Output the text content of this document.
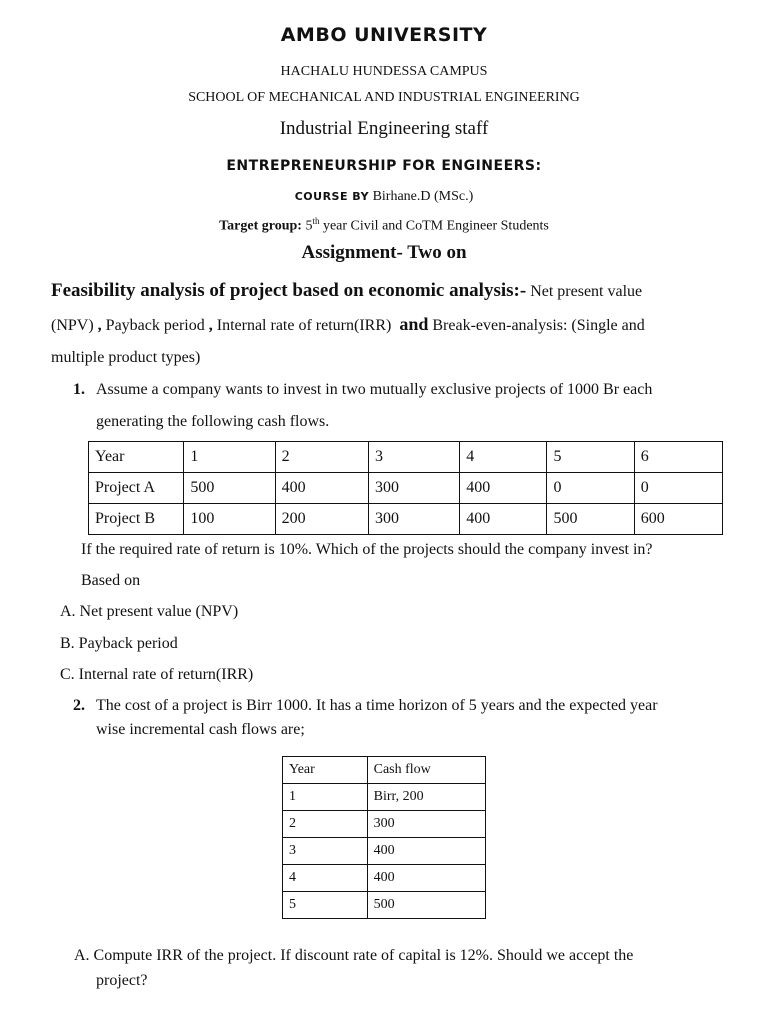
AMBO UNIVERSITY
HACHALU HUNDESSA CAMPUS
SCHOOL OF MECHANICAL AND INDUSTRIAL ENGINEERING
Industrial Engineering staff
ENTREPRENEURSHIP FOR ENGINEERS:
COURSE BY Birhane.D (MSc.)
Target group: 5th year Civil and CoTM Engineer Students
Assignment- Two on
Feasibility analysis of project based on economic analysis:- Net present value
(NPV) , Payback period , Internal rate of return(IRR) and Break-even-analysis: (Single and
multiple product types)
1. Assume a company wants to invest in two mutually exclusive projects of 1000 Br each
generating the following cash flows.
Year	1	2	3	4	5	6
Project A	500	400	300	400	0	0
Project B	100	200	300	400	500	600
If the required rate of return is 10%. Which of the projects should the company invest in?
Based on
A. Net present value (NPV)
B. Payback period
C. Internal rate of return(IRR)
2. The cost of a project is Birr 1000. It has a time horizon of 5 years and the expected year
wise incremental cash flows are;
Year	Cash flow
1	Birr, 200
2	300
3	400
4	400
5	500
A. Compute IRR of the project. If discount rate of capital is 12%. Should we accept the
project?
